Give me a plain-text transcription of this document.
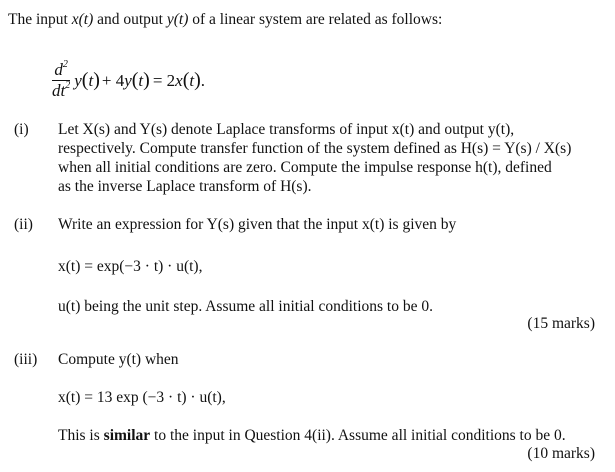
The input x(t) and output y(t) of a linear system are related as follows:
$\frac{d^2}{dt^2}$ y ( t ) + 4 y ( t ) = 2 x ( t ) .
(i) Let X(s) and Y(s) denote Laplace transforms of input x(t) and output y(t),
respectively. Compute transfer function of the system defined as H(s) = Y(s) / X(s)
when all initial conditions are zero. Compute the impulse response h(t), defined
as the inverse Laplace transform of H(s).
(ii) Write an expression for Y(s) given that the input x(t) is given by
x(t) = exp(−3 · t) · u(t),
u(t) being the unit step. Assume all initial conditions to be 0.
(15 marks)
(iii) Compute y(t) when
x(t) = 13 exp (−3 · t) · u(t),
This is similar to the input in Question 4(ii). Assume all initial conditions to be 0.
(10 marks)
